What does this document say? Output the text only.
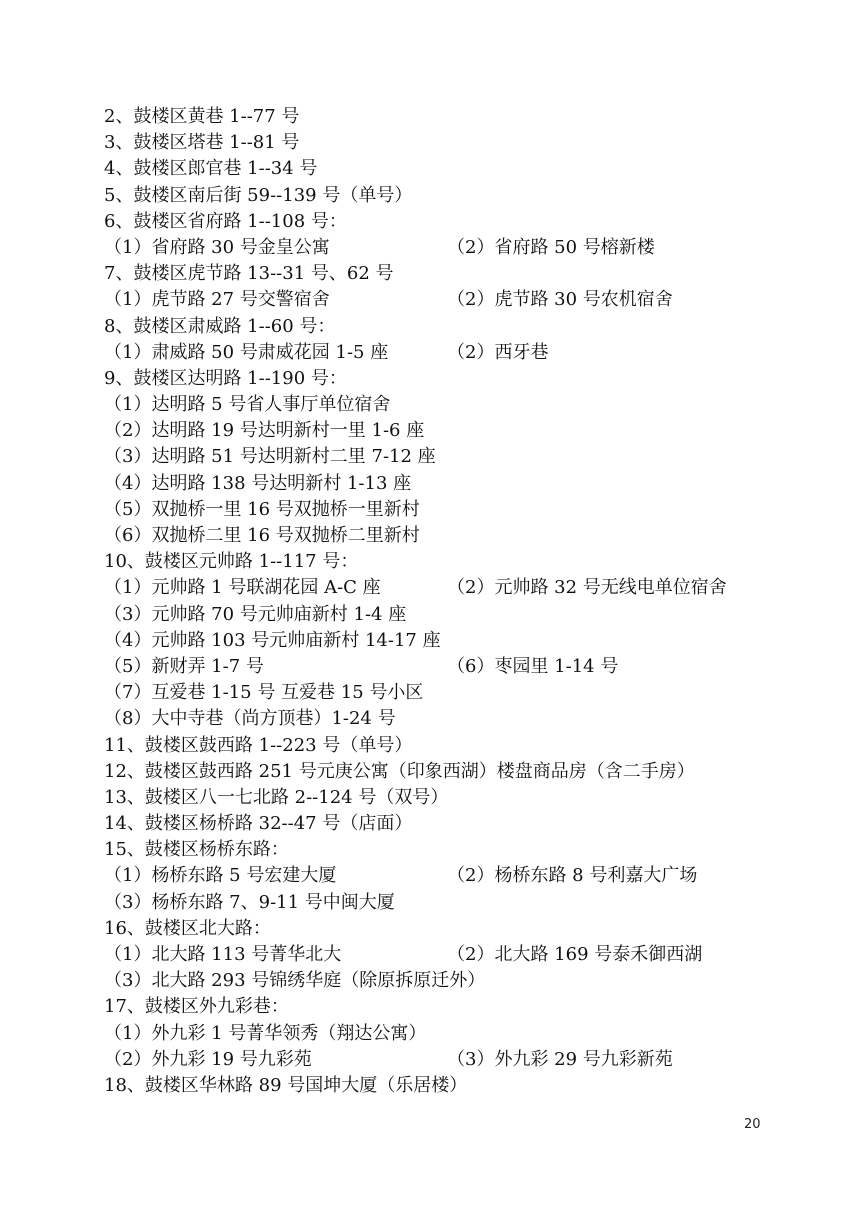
2、鼓楼区黄巷 1--77 号
3、鼓楼区塔巷 1--81 号
4、鼓楼区郎官巷 1--34 号
5、鼓楼区南后街 59--139 号（单号）
6、鼓楼区省府路 1--108 号：
（1）省府路 30 号金皇公寓	（2）省府路 50 号榕新楼
7、鼓楼区虎节路 13--31 号、62 号
（1）虎节路 27 号交警宿舍	（2）虎节路 30 号农机宿舍
8、鼓楼区肃威路 1--60 号：
（1）肃威路 50 号肃威花园 1-5 座	（2）西牙巷
9、鼓楼区达明路 1--190 号：
（1）达明路 5 号省人事厅单位宿舍
（2）达明路 19 号达明新村一里 1-6 座
（3）达明路 51 号达明新村二里 7-12 座
（4）达明路 138 号达明新村 1-13 座
（5）双抛桥一里 16 号双抛桥一里新村
（6）双抛桥二里 16 号双抛桥二里新村
10、鼓楼区元帅路 1--117 号：
（1）元帅路 1 号联湖花园 A-C 座	（2）元帅路 32 号无线电单位宿舍
（3）元帅路 70 号元帅庙新村 1-4 座
（4）元帅路 103 号元帅庙新村 14-17 座
（5）新财弄 1-7 号	（6）枣园里 1-14 号
（7）互爱巷 1-15 号 互爱巷 15 号小区
（8）大中寺巷（尚方顶巷）1-24 号
11、鼓楼区鼓西路 1--223 号（单号）
12、鼓楼区鼓西路 251 号元庚公寓（印象西湖）楼盘商品房（含二手房）
13、鼓楼区八一七北路 2--124 号（双号）
14、鼓楼区杨桥路 32--47 号（店面）
15、鼓楼区杨桥东路：
（1）杨桥东路 5 号宏建大厦	（2）杨桥东路 8 号利嘉大广场
（3）杨桥东路 7、9-11 号中闽大厦
16、鼓楼区北大路：
（1）北大路 113 号菁华北大	（2）北大路 169 号泰禾御西湖
（3）北大路 293 号锦绣华庭（除原拆原迁外）
17、鼓楼区外九彩巷：
（1）外九彩 1 号菁华领秀（翔达公寓）
（2）外九彩 19 号九彩苑	（3）外九彩 29 号九彩新苑
18、鼓楼区华林路 89 号国坤大厦（乐居楼）
20
